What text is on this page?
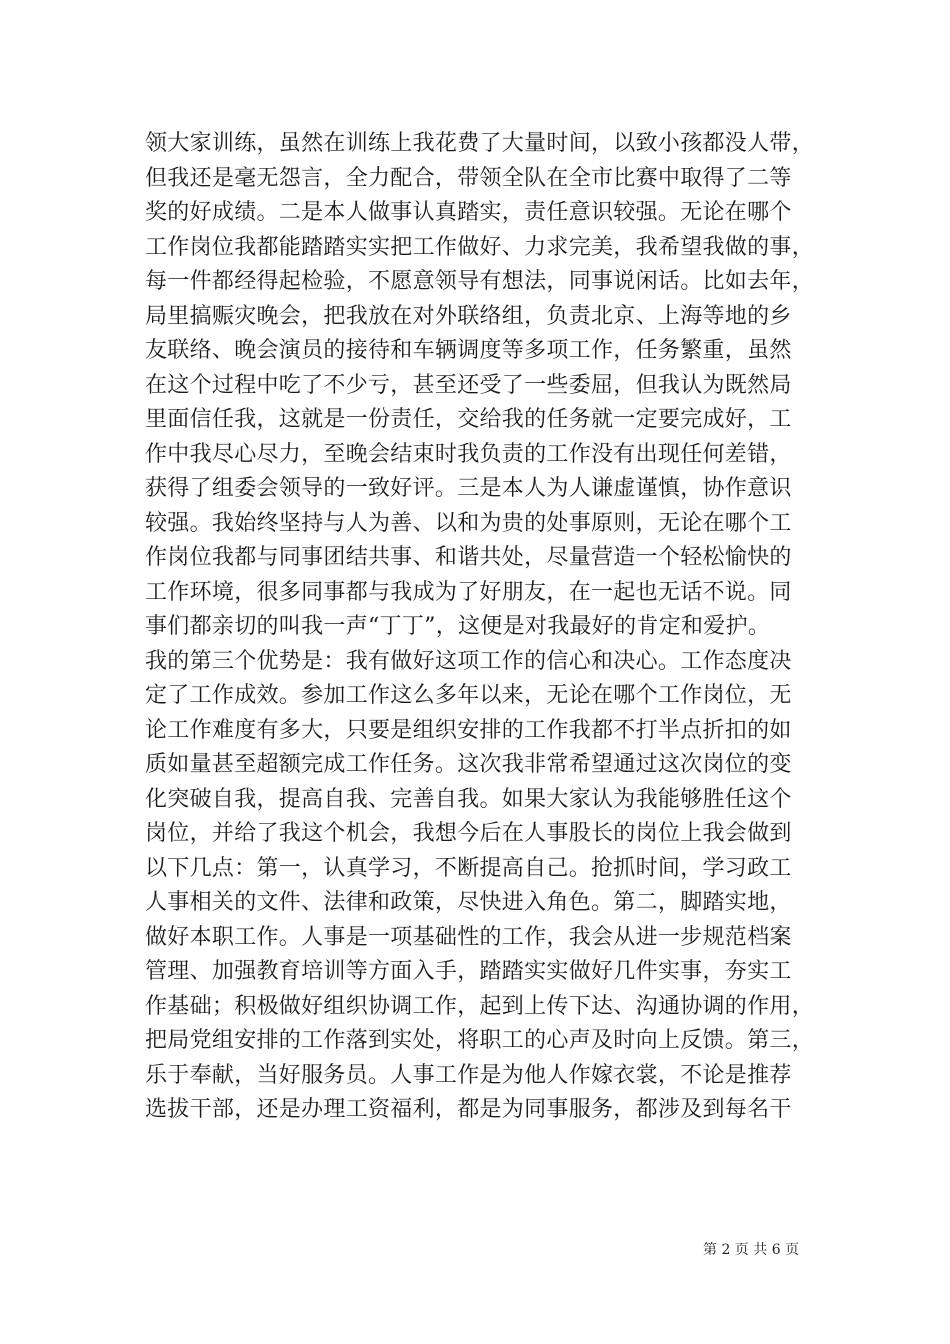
领大家训练，虽然在训练上我花费了大量时间，以致小孩都没人带，
但我还是毫无怨言，全力配合，带领全队在全市比赛中取得了二等
奖的好成绩。二是本人做事认真踏实，责任意识较强。无论在哪个
工作岗位我都能踏踏实实把工作做好、力求完美，我希望我做的事，
每一件都经得起检验，不愿意领导有想法，同事说闲话。比如去年，
局里搞赈灾晚会，把我放在对外联络组，负责北京、上海等地的乡
友联络、晚会演员的接待和车辆调度等多项工作，任务繁重，虽然
在这个过程中吃了不少亏，甚至还受了一些委屈，但我认为既然局
里面信任我，这就是一份责任，交给我的任务就一定要完成好，工
作中我尽心尽力，至晚会结束时我负责的工作没有出现任何差错，
获得了组委会领导的一致好评。三是本人为人谦虚谨慎，协作意识
较强。我始终坚持与人为善、以和为贵的处事原则，无论在哪个工
作岗位我都与同事团结共事、和谐共处，尽量营造一个轻松愉快的
工作环境，很多同事都与我成为了好朋友，在一起也无话不说。同
事们都亲切的叫我一声“丁丁”，这便是对我最好的肯定和爱护。
我的第三个优势是：我有做好这项工作的信心和决心。工作态度决
定了工作成效。参加工作这么多年以来，无论在哪个工作岗位，无
论工作难度有多大，只要是组织安排的工作我都不打半点折扣的如
质如量甚至超额完成工作任务。这次我非常希望通过这次岗位的变
化突破自我，提高自我、完善自我。如果大家认为我能够胜任这个
岗位，并给了我这个机会，我想今后在人事股长的岗位上我会做到
以下几点：第一，认真学习，不断提高自己。抢抓时间，学习政工
人事相关的文件、法律和政策，尽快进入角色。第二，脚踏实地，
做好本职工作。人事是一项基础性的工作，我会从进一步规范档案
管理、加强教育培训等方面入手，踏踏实实做好几件实事，夯实工
作基础；积极做好组织协调工作，起到上传下达、沟通协调的作用，
把局党组安排的工作落到实处，将职工的心声及时向上反馈。第三，
乐于奉献，当好服务员。人事工作是为他人作嫁衣裳，不论是推荐
选拔干部，还是办理工资福利，都是为同事服务，都涉及到每名干
第 2 页 共 6 页
